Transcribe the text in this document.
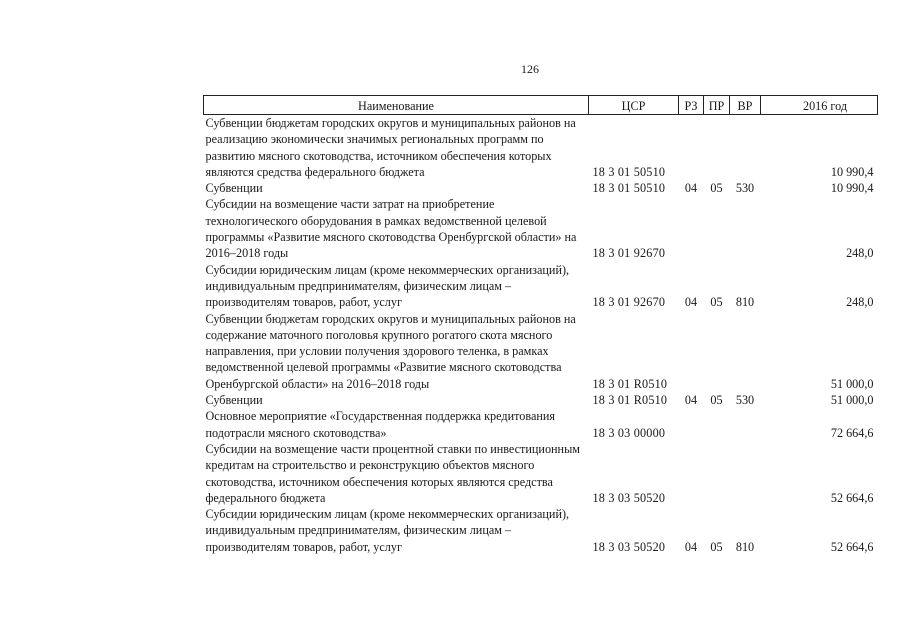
126
Наименование	ЦСР	РЗ	ПР	ВР	2016 год
Субвенции бюджетам городских округов и муниципальных районов на реализацию экономически значимых региональных программ по развитию мясного скотоводства, источником обеспечения которых являются средства федерального бюджета	18 3 01 50510				10 990,4
Субвенции	18 3 01 50510	04	05	530	10 990,4
Субсидии на возмещение части затрат на приобретение технологического оборудования в рамках ведомственной целевой программы «Развитие мясного скотоводства Оренбургской области» на 2016–2018 годы	18 3 01 92670				248,0
Субсидии юридическим лицам (кроме некоммерческих организаций), индивидуальным предпринимателям, физическим лицам – производителям товаров, работ, услуг	18 3 01 92670	04	05	810	248,0
Субвенции бюджетам городских округов и муниципальных районов на содержание маточного поголовья крупного рогатого скота мясного направления, при условии получения здорового теленка, в рамках ведомственной целевой программы «Развитие мясного скотоводства Оренбургской области» на 2016–2018 годы	18 3 01 R0510				51 000,0
Субвенции	18 3 01 R0510	04	05	530	51 000,0
Основное мероприятие «Государственная поддержка кредитования подотрасли мясного скотоводства»	18 3 03 00000				72 664,6
Субсидии на возмещение части процентной ставки по инвестиционным кредитам на строительство и реконструкцию объектов мясного скотоводства, источником обеспечения которых являются средства федерального бюджета	18 3 03 50520				52 664,6
Субсидии юридическим лицам (кроме некоммерческих организаций), индивидуальным предпринимателям, физическим лицам – производителям товаров, работ, услуг	18 3 03 50520	04	05	810	52 664,6
